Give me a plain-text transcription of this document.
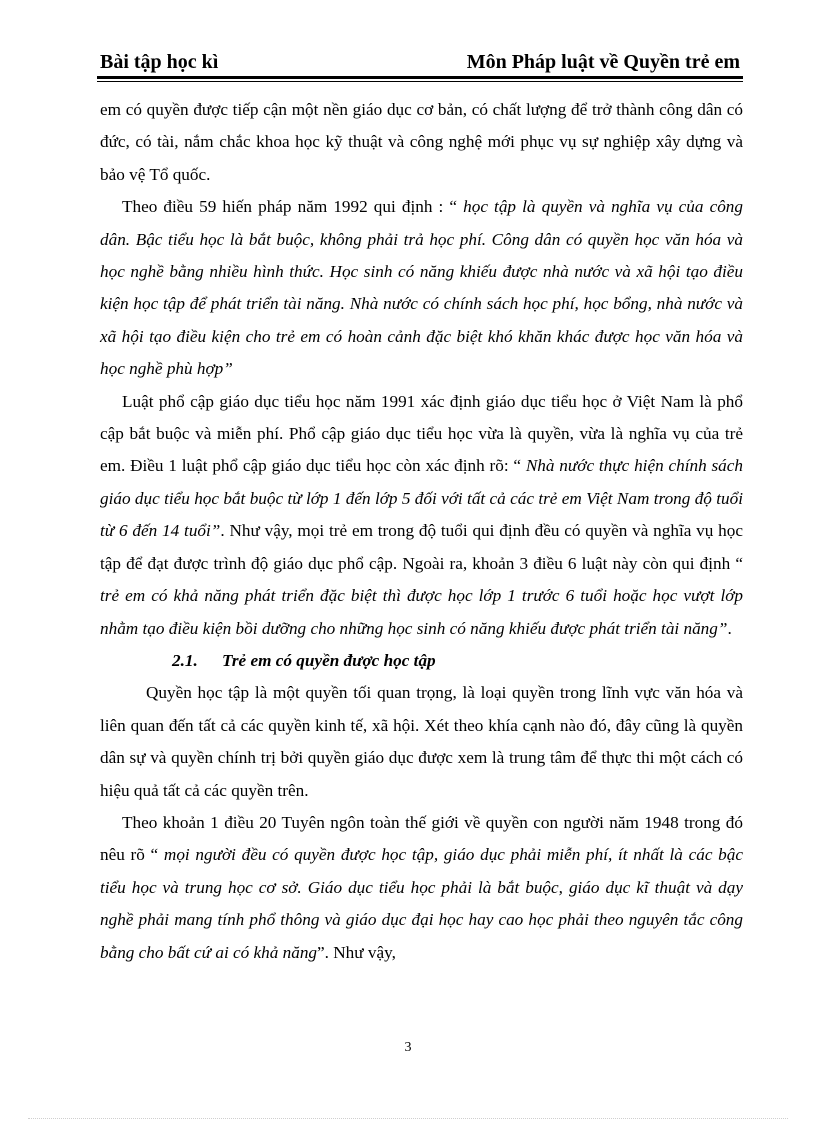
Bài tập học kì	Môn Pháp luật về Quyền trẻ em

em có quyền được tiếp cận một nền giáo dục cơ bản, có chất lượng để trở thành công dân có đức, có tài, nắm chắc khoa học kỹ thuật và công nghệ mới phục vụ sự nghiệp xây dựng và bảo vệ Tổ quốc.

Theo điều 59 hiến pháp năm 1992 qui định : “ học tập là quyền và nghĩa vụ của công dân. Bậc tiểu học là bắt buộc, không phải trả học phí. Công dân có quyền học văn hóa và học nghề bằng nhiều hình thức. Học sinh có năng khiếu được nhà nước và xã hội tạo điều kiện học tập để phát triển tài năng. Nhà nước có chính sách học phí, học bổng, nhà nước và xã hội tạo điều kiện cho trẻ em có hoàn cảnh đặc biệt khó khăn khác được học văn hóa và học nghề phù hợp”

Luật phổ cập giáo dục tiểu học năm 1991 xác định giáo dục tiểu học ở Việt Nam là phổ cập bắt buộc và miễn phí. Phổ cập giáo dục tiểu học vừa là quyền, vừa là nghĩa vụ của trẻ em. Điều 1 luật phổ cập giáo dục tiểu học còn xác định rõ: “ Nhà nước thực hiện chính sách giáo dục tiểu học bắt buộc từ lớp 1 đến lớp 5 đối với tất cả các trẻ em Việt Nam trong độ tuổi từ 6 đến 14 tuổi”. Như vậy, mọi trẻ em trong độ tuổi qui định đều có quyền và nghĩa vụ học tập để đạt được trình độ giáo dục phổ cập. Ngoài ra, khoản 3 điều 6 luật này còn qui định “ trẻ em có khả năng phát triển đặc biệt thì được học lớp 1 trước 6 tuổi hoặc học vượt lớp nhằm tạo điều kiện bồi dưỡng cho những học sinh có năng khiếu được phát triển tài năng”.

2.1.	Trẻ em có quyền được học tập

Quyền học tập là một quyền tối quan trọng, là loại quyền trong lĩnh vực văn hóa và liên quan đến tất cả các quyền kinh tế, xã hội. Xét theo khía cạnh nào đó, đây cũng là quyền dân sự và quyền chính trị bởi quyền giáo dục được xem là trung tâm để thực thi một cách có hiệu quả tất cả các quyền trên.

Theo khoản 1 điều 20 Tuyên ngôn toàn thế giới về quyền con người năm 1948 trong đó nêu rõ “ mọi người đều có quyền được học tập, giáo dục phải miễn phí, ít nhất là các bậc tiểu học và trung học cơ sở. Giáo dục tiểu học phải là bắt buộc, giáo dục kĩ thuật và dạy nghề phải mang tính phổ thông và giáo dục đại học hay cao học phải theo nguyên tắc công bằng cho bất cứ ai có khả năng”. Như vậy,

3
